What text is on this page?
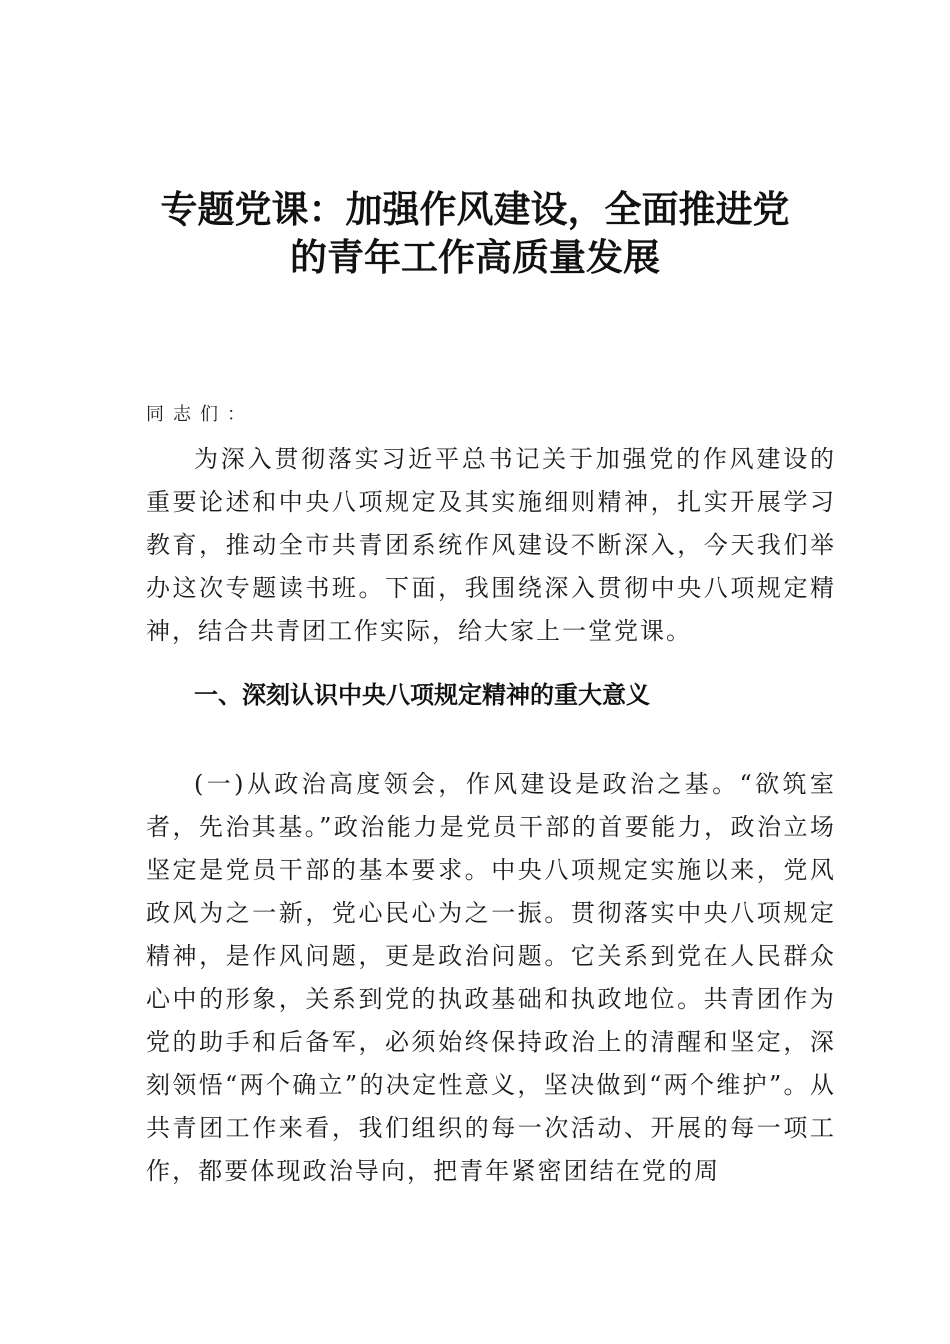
专题党课：加强作风建设，全面推进党
的青年工作高质量发展
同志们：

为深入贯彻落实习近平总书记关于加强党的作风建设的重要论述和中央八项规定及其实施细则精神，扎实开展学习教育，推动全市共青团系统作风建设不断深入，今天我们举办这次专题读书班。下面，我围绕深入贯彻中央八项规定精神，结合共青团工作实际，给大家上一堂党课。

一、深刻认识中央八项规定精神的重大意义

(一)从政治高度领会，作风建设是政治之基。“欲筑室者，先治其基。”政治能力是党员干部的首要能力，政治立场坚定是党员干部的基本要求。中央八项规定实施以来，党风政风为之一新，党心民心为之一振。贯彻落实中央八项规定精神，是作风问题，更是政治问题。它关系到党在人民群众心中的形象，关系到党的执政基础和执政地位。共青团作为党的助手和后备军，必须始终保持政治上的清醒和坚定，深刻领悟“两个确立”的决定性意义，坚决做到“两个维护”。从共青团工作来看，我们组织的每一次活动、开展的每一项工作，都要体现政治导向，把青年紧密团结在党的周
